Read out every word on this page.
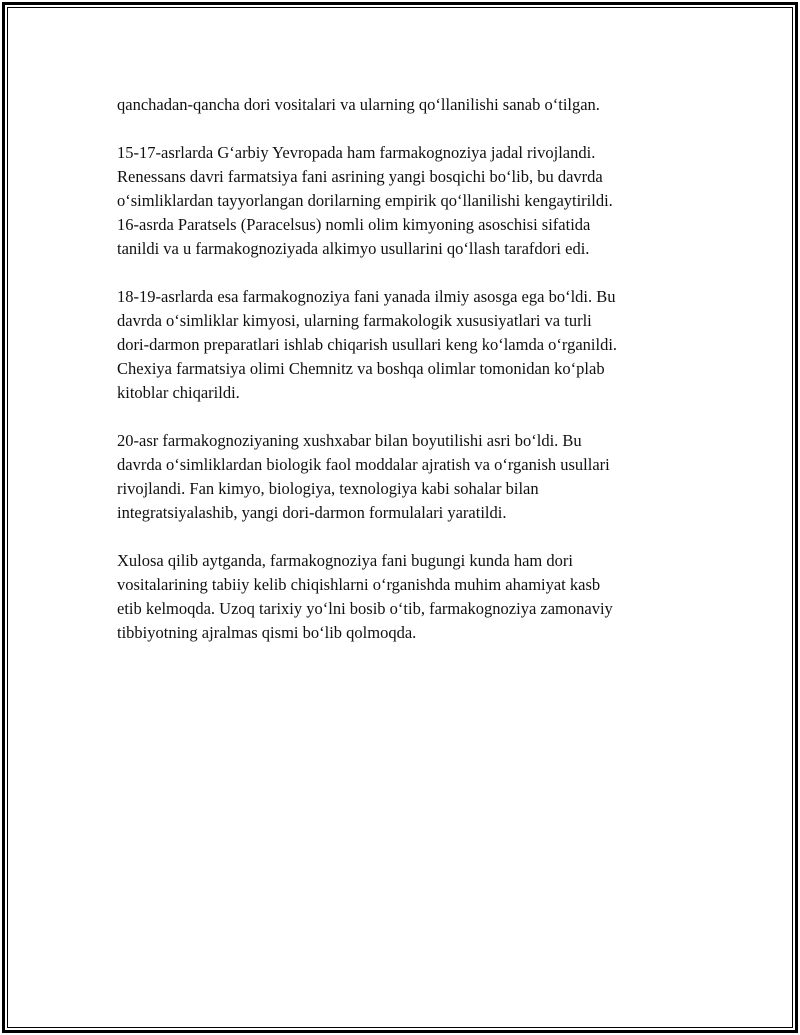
qanchadan-qancha dori vositalari va ularning qo‘llanilishi sanab o‘tilgan.

15-17-asrlarda G‘arbiy Yevropada ham farmakognoziya jadal rivojlandi.
Renessans davri farmatsiya fani asrining yangi bosqichi bo‘lib, bu davrda
o‘simliklardan tayyorlangan dorilarning empirik qo‘llanilishi kengaytirildi.
16-asrda Paratsels (Paracelsus) nomli olim kimyoning asoschisi sifatida
tanildi va u farmakognoziyada alkimyo usullarini qo‘llash tarafdori edi.

18-19-asrlarda esa farmakognoziya fani yanada ilmiy asosga ega bo‘ldi. Bu
davrda o‘simliklar kimyosi, ularning farmakologik xususiyatlari va turli
dori-darmon preparatlari ishlab chiqarish usullari keng ko‘lamda o‘rganildi.
Chexiya farmatsiya olimi Chemnitz va boshqa olimlar tomonidan ko‘plab
kitoblar chiqarildi.

20-asr farmakognoziyaning xushxabar bilan boyutilishi asri bo‘ldi. Bu
davrda o‘simliklardan biologik faol moddalar ajratish va o‘rganish usullari
rivojlandi. Fan kimyo, biologiya, texnologiya kabi sohalar bilan
integratsiyalashib, yangi dori-darmon formulalari yaratildi.

Xulosa qilib aytganda, farmakognoziya fani bugungi kunda ham dori
vositalarining tabiiy kelib chiqishlarni o‘rganishda muhim ahamiyat kasb
etib kelmoqda. Uzoq tarixiy yo‘lni bosib o‘tib, farmakognoziya zamonaviy
tibbiyotning ajralmas qismi bo‘lib qolmoqda.
